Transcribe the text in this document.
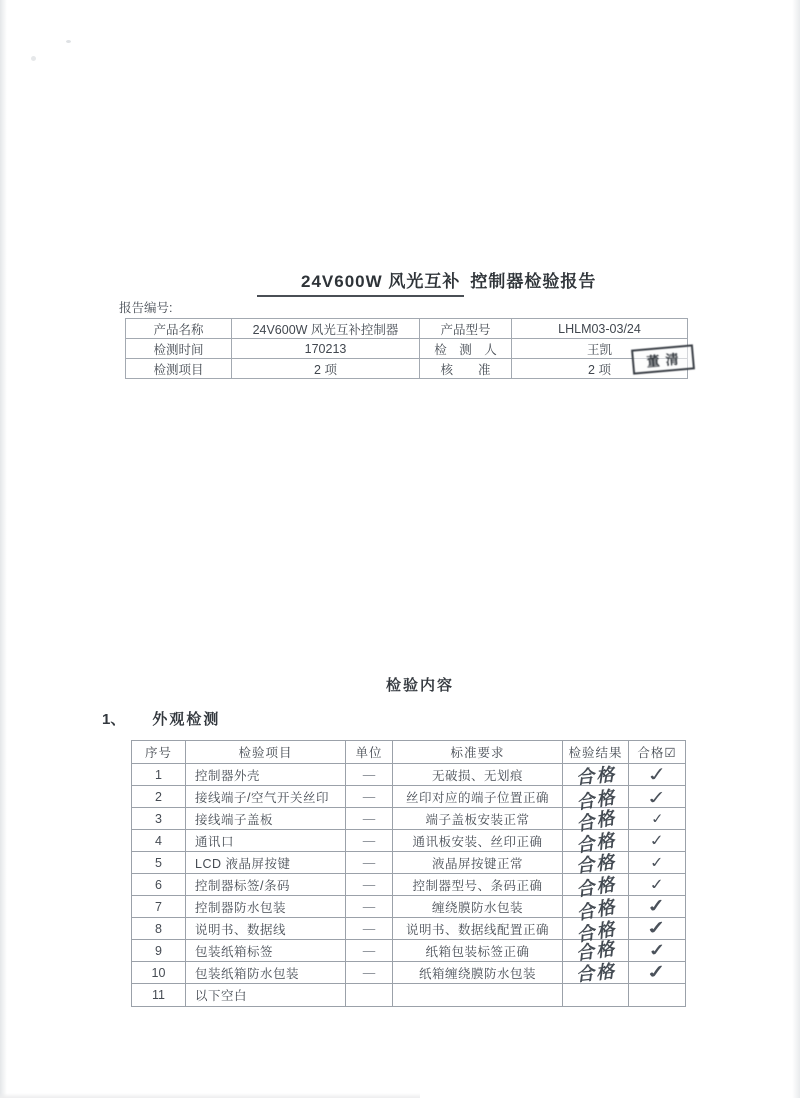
24V600W 风光互补 控制器检验报告
报告编号:
产品名称	24V600W 风光互补控制器	产品型号	LHLM03-03/24
检测时间	170213	检　测　人	王凯
检测项目	2 项	核　　准	2 项
董清
检验内容
1、 外观检测
序号	检验项目	单位	标准要求	检验结果	合格☑
1	控制器外壳	—	无破损、无划痕	合格	✓
2	接线端子/空气开关丝印	—	丝印对应的端子位置正确	合格	✓
3	接线端子盖板	—	端子盖板安装正常	合格	✓
4	通讯口	—	通讯板安装、丝印正确	合格	✓
5	LCD 液晶屏按键	—	液晶屏按键正常	合格	✓
6	控制器标签/条码	—	控制器型号、条码正确	合格	✓
7	控制器防水包装	—	缠绕膜防水包装	合格	✓
8	说明书、数据线	—	说明书、数据线配置正确	合格	✓
9	包装纸箱标签	—	纸箱包装标签正确	合格	✓
10	包装纸箱防水包装	—	纸箱缠绕膜防水包装	合格	✓
11	以下空白				
